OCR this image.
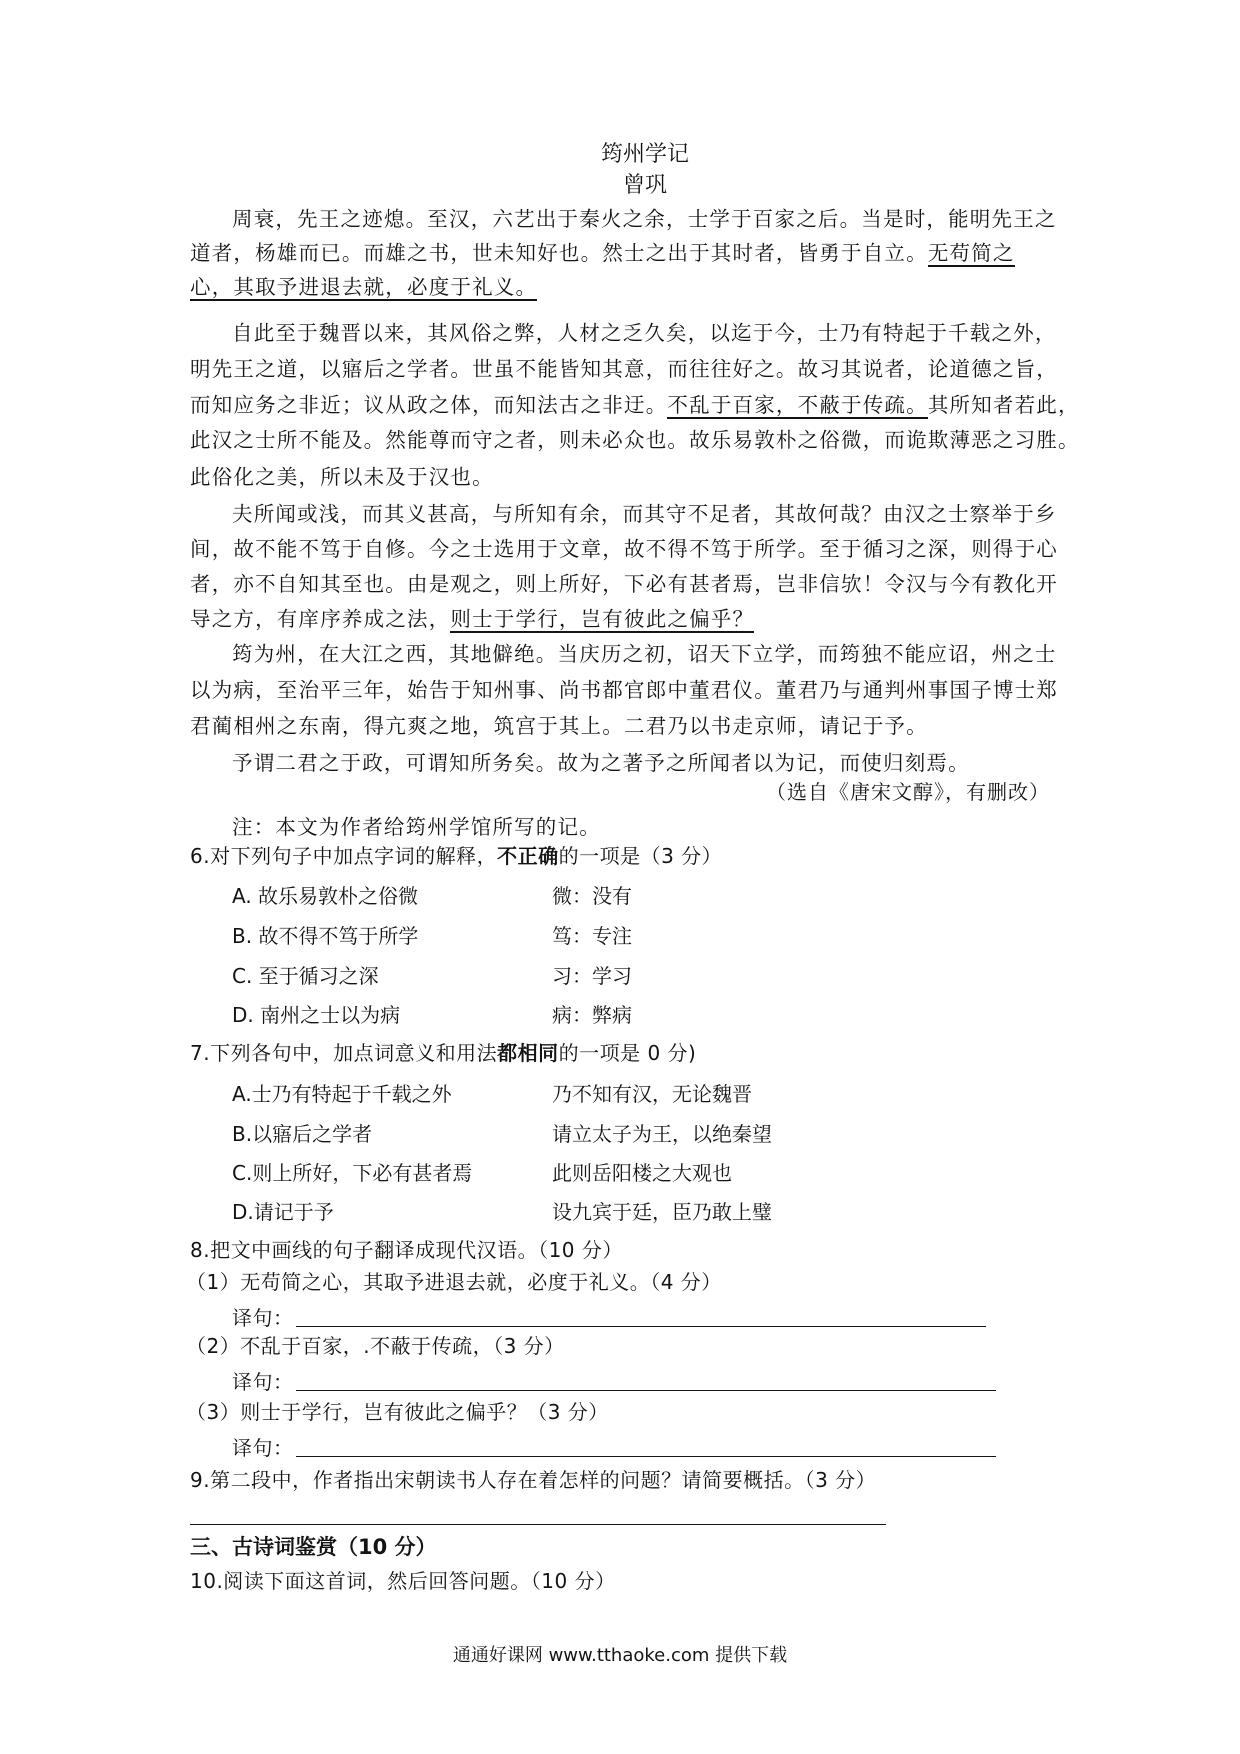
筠州学记
曾巩
周衰，先王之迹熄。至汉，六艺出于秦火之余，士学于百家之后。当是时，能明先王之
道者，杨雄而已。而雄之书，世未知好也。然士之出于其时者，皆勇于自立。无苟简之
心，其取予进退去就，必度于礼义。
自此至于魏晋以来，其风俗之弊，人材之乏久矣，以迄于今，士乃有特起于千载之外，
明先王之道，以寤后之学者。世虽不能皆知其意，而往往好之。故习其说者，论道德之旨，
而知应务之非近；议从政之体，而知法古之非迂。不乱于百家，不蔽于传疏。其所知者若此，
此汉之士所不能及。然能尊而守之者，则未必众也。故乐易敦朴之俗微，而诡欺薄恶之习胜。
此俗化之美，所以未及于汉也。
夫所闻或浅，而其义甚高，与所知有余，而其守不足者，其故何哉？由汉之士察举于乡
间，故不能不笃于自修。今之士选用于文章，故不得不笃于所学。至于循习之深，则得于心
者，亦不自知其至也。由是观之，则上所好，下必有甚者焉，岂非信欤！令汉与今有教化开
导之方，有庠序养成之法，则士于学行，岂有彼此之偏乎？
筠为州，在大江之西，其地僻绝。当庆历之初，诏天下立学，而筠独不能应诏，州之士
以为病，至治平三年，始告于知州事、尚书都官郎中董君仪。董君乃与通判州事国子博士郑
君蔺相州之东南，得亢爽之地，筑宫于其上。二君乃以书走京师，请记于予。
予谓二君之于政，可谓知所务矣。故为之著予之所闻者以为记，而使归刻焉。
（选自《唐宋文醇》，有删改）
注：本文为作者给筠州学馆所写的记。
6.对下列句子中加点字词的解释，不正确的一项是（3 分）
A. 故乐易敦朴之俗微	微：没有
B. 故不得不笃于所学	笃：专注
C. 至于循习之深	习：学习
D. 南州之士以为病	病：弊病
7.下列各句中，加点词意义和用法都相同的一项是 0 分)
A.士乃有特起于千载之外	乃不知有汉，无论魏晋
B.以寤后之学者	请立太子为王，以绝秦望
C.则上所好，下必有甚者焉	此则岳阳楼之大观也
D.请记于予	设九宾于廷，臣乃敢上璧
8.把文中画线的句子翻译成现代汉语。（10 分）
（1）无苟简之心，其取予进退去就，必度于礼义。（4 分）
译句：
（2）不乱于百家，.不蔽于传疏，（3 分）
译句：
（3）则士于学行，岂有彼此之偏乎？（3 分）
译句：
9.第二段中，作者指出宋朝读书人存在着怎样的问题？请简要概括。（3 分）
三、古诗词鉴赏（10 分）
10.阅读下面这首词，然后回答问题。（10 分）
通通好课网 www.tthaoke.com 提供下载
